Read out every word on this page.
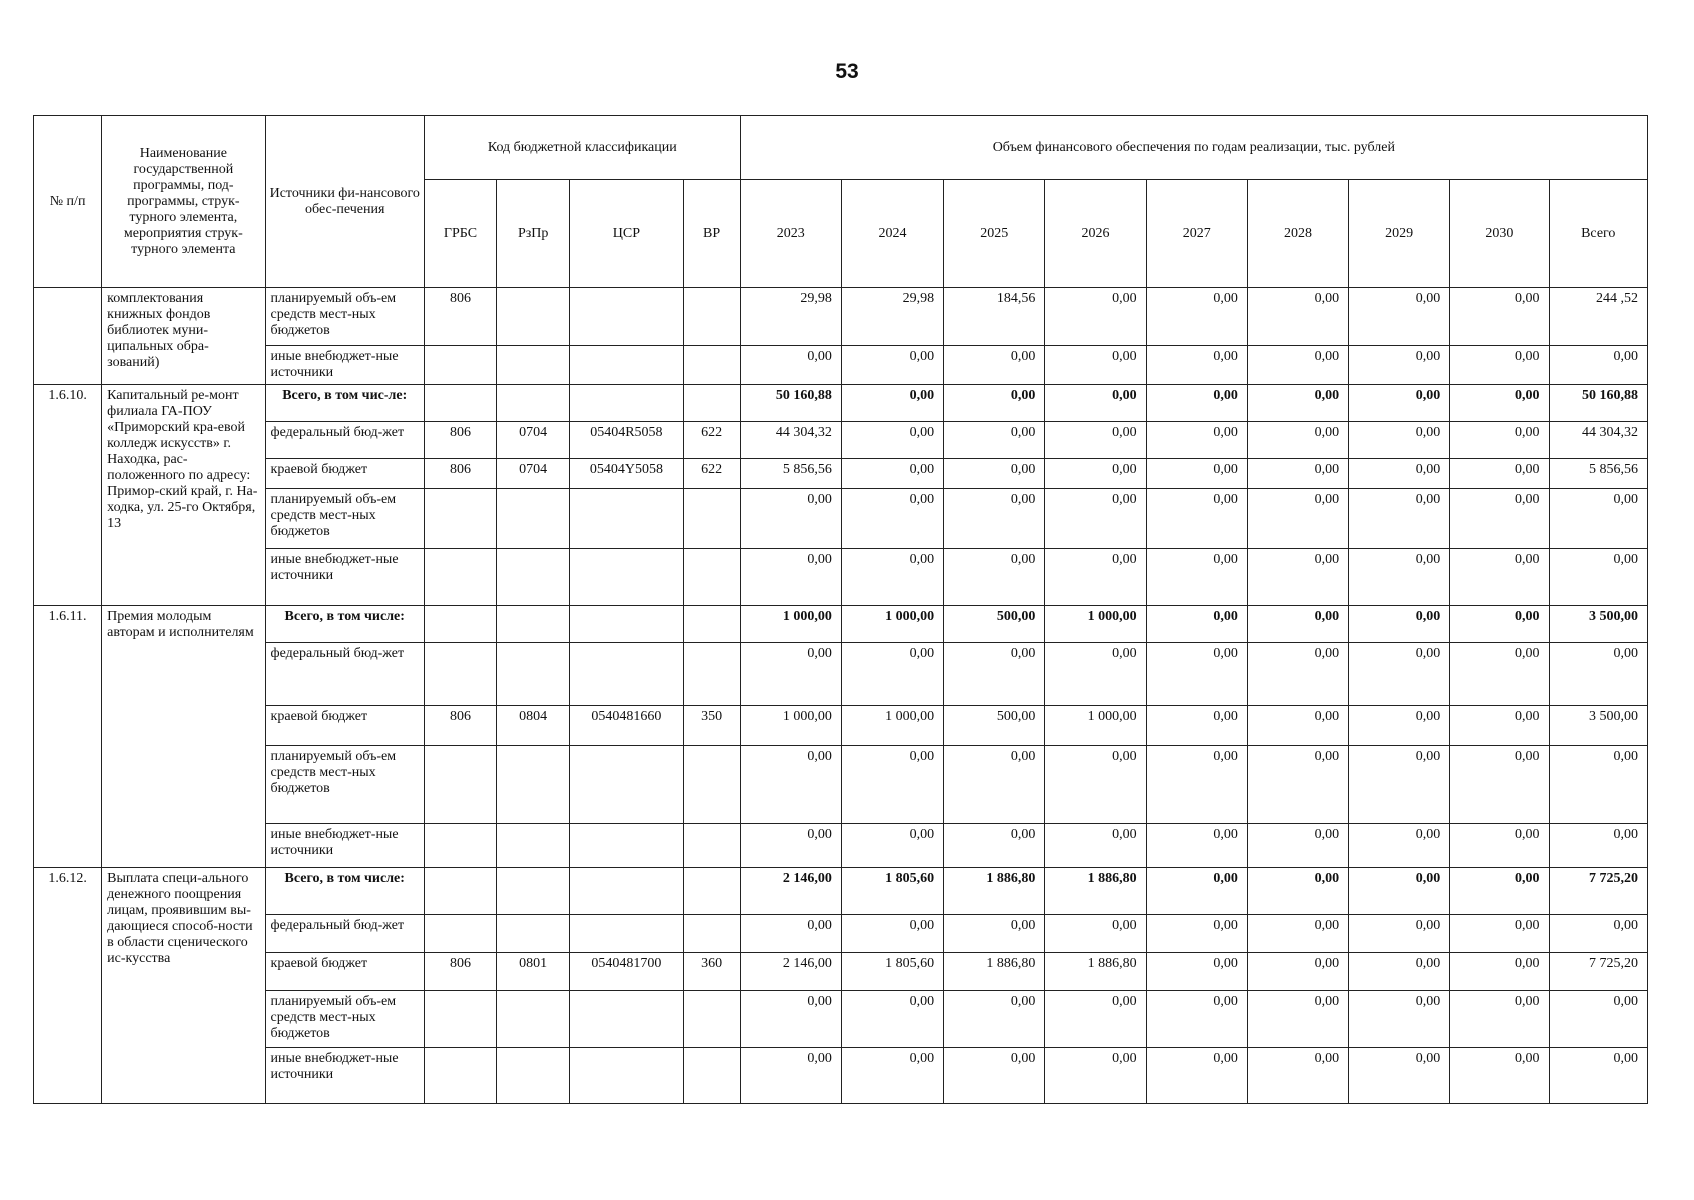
53
№ п/п	Наименование государственной программы, под-программы, струк-турного элемента, мероприятия струк-турного элемента	Источники фи-нансового обес-печения	Код бюджетной классификации				Объем финансового обеспечения по годам реализации, тыс. рублей								
			ГРБС	РзПр	ЦСР	ВР	2023	2024	2025	2026	2027	2028	2029	2030	Всего
	комплектования книжных фондов библиотек муни-ципальных обра-зований)	планируемый объ-ем средств мест-ных бюджетов	806				29,98	29,98	184,56	0,00	0,00	0,00	0,00	0,00	244 ,52
		иные внебюджет-ные источники					0,00	0,00	0,00	0,00	0,00	0,00	0,00	0,00	0,00
1.6.10.	Капитальный ре-монт филиала ГА-ПОУ «Приморский кра-евой колледж искусств» г. Находка, рас-положенного по адресу: Примор-ский край, г. На-ходка, ул. 25-го Октября, 13	Всего, в том чис-ле:					50 160,88	0,00	0,00	0,00	0,00	0,00	0,00	0,00	50 160,88
		федеральный бюд-жет	806	0704	05404R5058	622	44 304,32	0,00	0,00	0,00	0,00	0,00	0,00	0,00	44 304,32
		краевой бюджет	806	0704	05404Y5058	622	5 856,56	0,00	0,00	0,00	0,00	0,00	0,00	0,00	5 856,56
		планируемый объ-ем средств мест-ных бюджетов					0,00	0,00	0,00	0,00	0,00	0,00	0,00	0,00	0,00
		иные внебюджет-ные источники					0,00	0,00	0,00	0,00	0,00	0,00	0,00	0,00	0,00
1.6.11.	Премия молодым авторам и исполнителям	Всего, в том числе:					1 000,00	1 000,00	500,00	1 000,00	0,00	0,00	0,00	0,00	3 500,00
		федеральный бюд-жет					0,00	0,00	0,00	0,00	0,00	0,00	0,00	0,00	0,00
		краевой бюджет	806	0804	0540481660	350	1 000,00	1 000,00	500,00	1 000,00	0,00	0,00	0,00	0,00	3 500,00
		планируемый объ-ем средств мест-ных бюджетов					0,00	0,00	0,00	0,00	0,00	0,00	0,00	0,00	0,00
		иные внебюджет-ные источники					0,00	0,00	0,00	0,00	0,00	0,00	0,00	0,00	0,00
1.6.12.	Выплата специ-ального денежного поощрения лицам, проявившим вы-дающиеся способ-ности в области сценического ис-кусства	Всего, в том числе:					2 146,00	1 805,60	1 886,80	1 886,80	0,00	0,00	0,00	0,00	7 725,20
		федеральный бюд-жет					0,00	0,00	0,00	0,00	0,00	0,00	0,00	0,00	0,00
		краевой бюджет	806	0801	0540481700	360	2 146,00	1 805,60	1 886,80	1 886,80	0,00	0,00	0,00	0,00	7 725,20
		планируемый объ-ем средств мест-ных бюджетов					0,00	0,00	0,00	0,00	0,00	0,00	0,00	0,00	0,00
		иные внебюджет-ные источники					0,00	0,00	0,00	0,00	0,00	0,00	0,00	0,00	0,00
